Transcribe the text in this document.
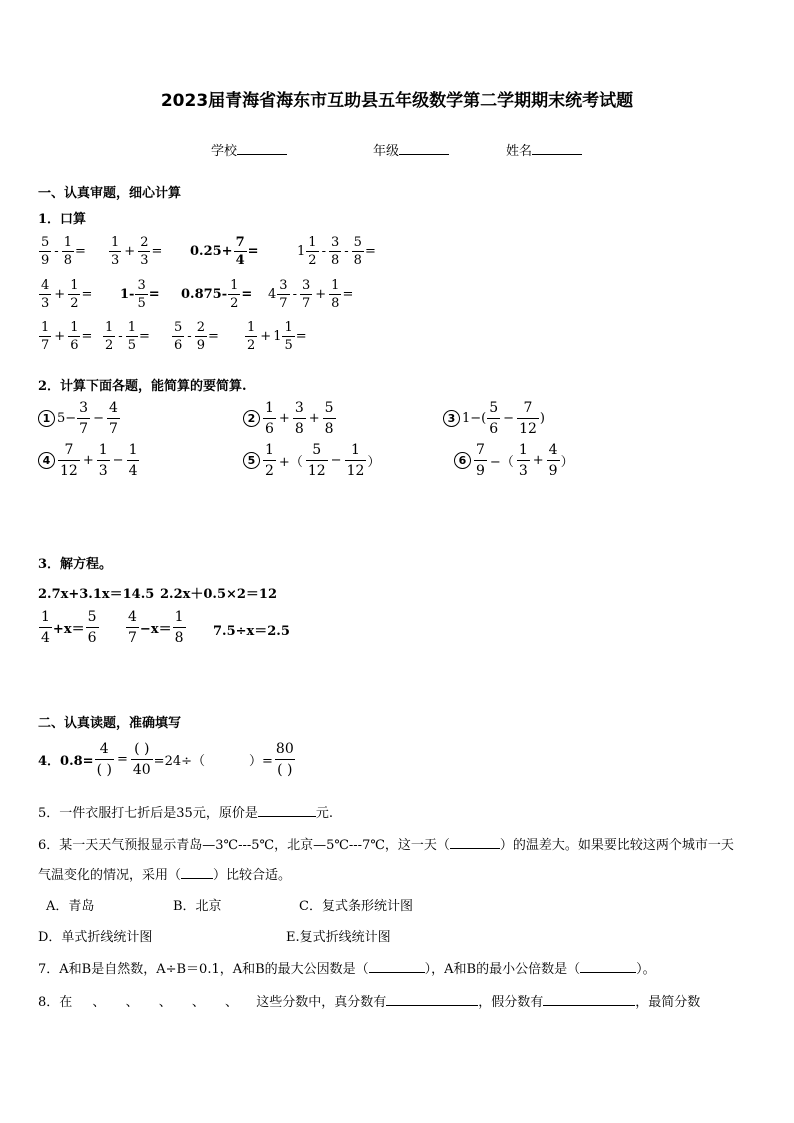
2023届青海省海东市互助县五年级数学第二学期期末统考试题
学校	年级	姓名
一、认真审题，细心计算
1．口算
$\frac{5}{9} - \frac{1}{8} = \frac{1}{3} + \frac{2}{3} = 0.25+ \frac{7}{4}$ =	$1 \frac{1}{2} - \frac{3}{8} - \frac{5}{8}$ =
$\frac{4}{3} + \frac{1}{2} = 1- \frac{3}{5} = 0.875- \frac{1}{2} = 4 \frac{3}{7} - \frac{3}{7} + \frac{1}{8}$ =
$\frac{1}{7} + \frac{1}{6} = \frac{1}{2} - \frac{1}{5} = \frac{5}{6} - \frac{2}{9} = \frac{1}{2} + 1 \frac{1}{5}$ =
2．计算下面各题，能简算的要简算.
1 $5- \frac{3}{7} - \frac{4}{7}$	$2 \frac{1}{6} + \frac{3}{8} + \frac{5}{8}$	3 $1-( \frac{5}{6} - \frac{7}{12}$ )
$4 \frac{7}{12} + \frac{1}{3} - \frac{1}{4}$	$5 \frac{1}{2}$ +（ $\frac{5}{12} - \frac{1}{12}$ ）	$6 \frac{7}{9}$ −（ $\frac{1}{3} + \frac{4}{9}$ ）
3．解方程。
2.7x+3.1x＝14.5 2.2x＋0.5×2＝12
$\frac{1}{4} +x= \frac{5}{6} \frac{4}{7} -x= \frac{1}{8} 7.5\div x=2.5$
二、认真读题，准确填写
4．$0.8= \frac{4}{( )} = \frac{( )}{40} =24\div$（	）= $\frac{80}{( )}$
5．一件衣服打七折后是35元，原价是	元.
6．某一天天气预报显示青岛—3℃---5℃，北京—5℃---7℃，这一天（	）的温差大。如果要比较这两个城市一天
气温变化的情况，采用（ ）比较合适。
A．青岛	B．北京	C．复式条形统计图
D．单式折线统计图	E.复式折线统计图
7．A和B是自然数，A÷B＝0.1，A和B的最大公因数是（	），A和B的最小公倍数是（	）。
8．在 、 、 、 、 、 这些分数中，真分数有	，假分数有	，最简分数
